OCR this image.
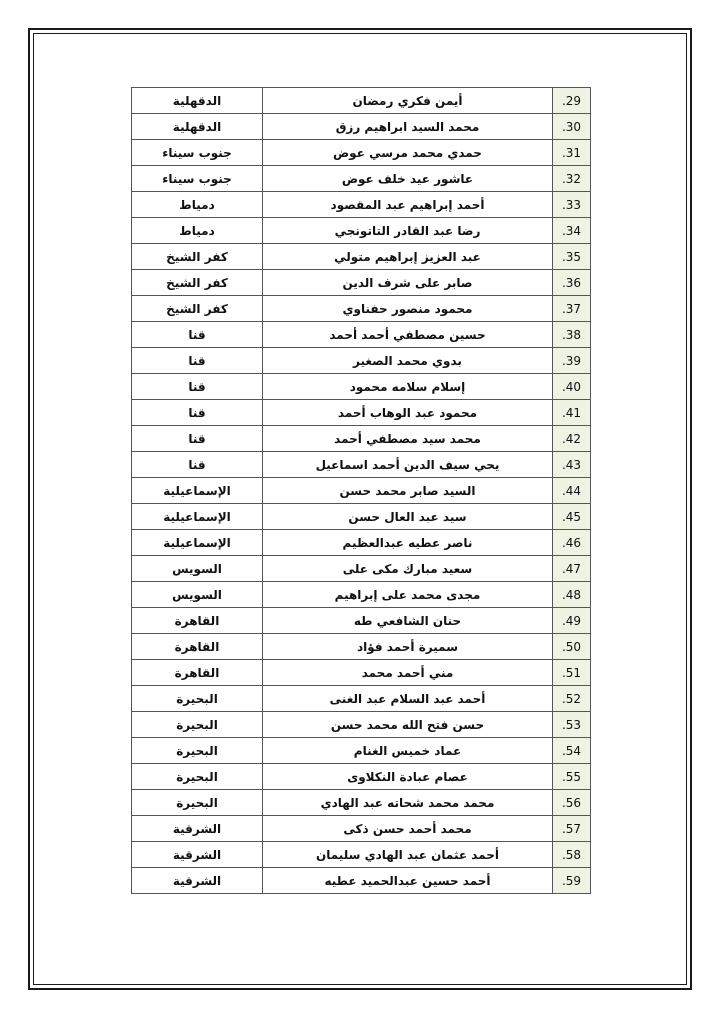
29.	أيمن فكري رمضان	الدقهلية
30.	محمد السيد ابراهيم رزق	الدقهلية
31.	حمدي محمد مرسي عوض	جنوب سيناء
32.	عاشور عيد خلف عوض	جنوب سيناء
33.	أحمد إبراهيم عبد المقصود	دمياط
34.	رضا عبد القادر التاتونجي	دمياط
35.	عبد العزيز إبراهيم متولي	كفر الشيخ
36.	صابر على شرف الدين	كفر الشيخ
37.	محمود منصور حفناوي	كفر الشيخ
38.	حسين مصطفي أحمد أحمد	قنا
39.	بدوي محمد الصغير	قنا
40.	إسلام سلامه محمود	قنا
41.	محمود عبد الوهاب أحمد	قنا
42.	محمد سيد مصطفي أحمد	قنا
43.	يحي سيف الدين أحمد اسماعيل	قنا
44.	السيد صابر محمد حسن	الإسماعيلية
45.	سيد عبد العال حسن	الإسماعيلية
46.	ناصر عطيه عبدالعظيم	الإسماعيلية
47.	سعيد مبارك مكى على	السويس
48.	مجدى محمد على إبراهيم	السويس
49.	حنان الشافعي طه	القاهرة
50.	سميرة أحمد فؤاد	القاهرة
51.	مني أحمد محمد	القاهرة
52.	أحمد عبد السلام عبد الغنى	البحيرة
53.	حسن فتح الله محمد حسن	البحيرة
54.	عماد خميس الغنام	البحيرة
55.	عصام عبادة النكلاوى	البحيرة
56.	محمد محمد شحاته عبد الهادي	البحيرة
57.	محمد أحمد حسن ذكى	الشرقية
58.	أحمد عثمان عبد الهادي سليمان	الشرقية
59.	أحمد حسين عبدالحميد عطيه	الشرقية
